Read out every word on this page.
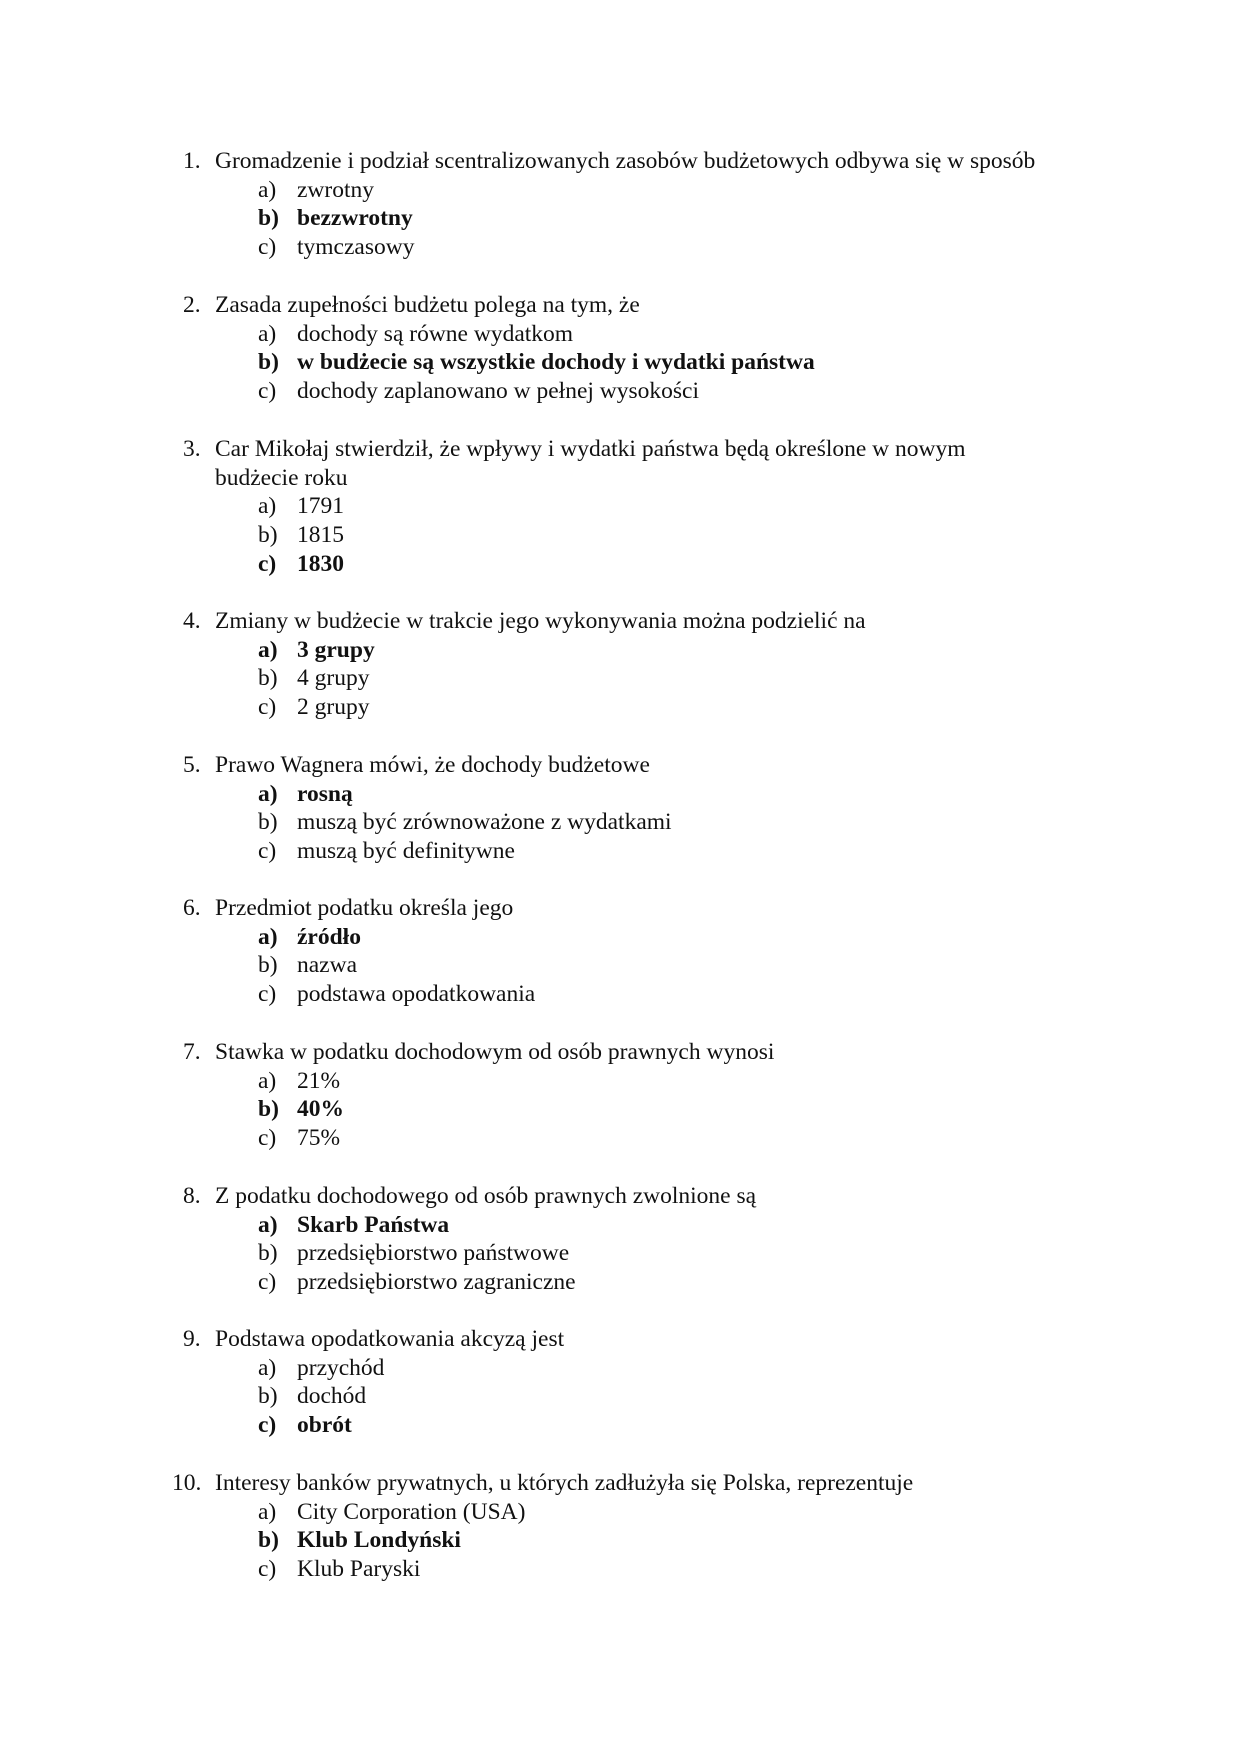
1. Gromadzenie i podział scentralizowanych zasobów budżetowych odbywa się w sposób
a) zwrotny
b) bezzwrotny
c) tymczasowy
2. Zasada zupełności budżetu polega na tym, że
a) dochody są równe wydatkom
b) w budżecie są wszystkie dochody i wydatki państwa
c) dochody zaplanowano w pełnej wysokości
3. Car Mikołaj stwierdził, że wpływy i wydatki państwa będą określone w nowym budżecie roku
a) 1791
b) 1815
c) 1830
4. Zmiany w budżecie w trakcie jego wykonywania można podzielić na
a) 3 grupy
b) 4 grupy
c) 2 grupy
5. Prawo Wagnera mówi, że dochody budżetowe
a) rosną
b) muszą być zrównoważone z wydatkami
c) muszą być definitywne
6. Przedmiot podatku określa jego
a) źródło
b) nazwa
c) podstawa opodatkowania
7. Stawka w podatku dochodowym od osób prawnych wynosi
a) 21%
b) 40%
c) 75%
8. Z podatku dochodowego od osób prawnych zwolnione są
a) Skarb Państwa
b) przedsiębiorstwo państwowe
c) przedsiębiorstwo zagraniczne
9. Podstawa opodatkowania akcyzą jest
a) przychód
b) dochód
c) obrót
10. Interesy banków prywatnych, u których zadłużyła się Polska, reprezentuje
a) City Corporation (USA)
b) Klub Londyński
c) Klub Paryski
